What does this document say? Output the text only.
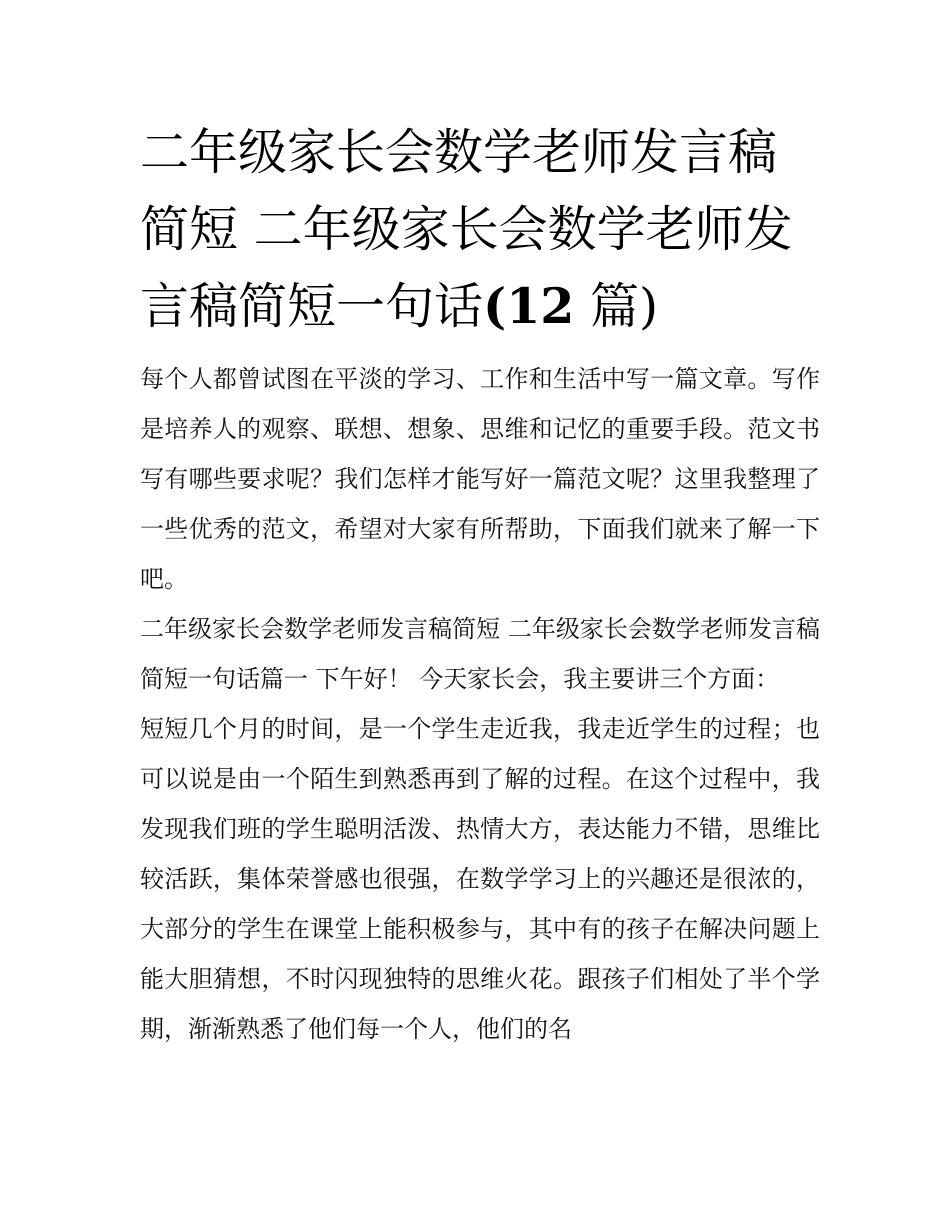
二年级家长会数学老师发言稿简短 二年级家长会数学老师发言稿简短一句话(12 篇)

每个人都曾试图在平淡的学习、工作和生活中写一篇文章。写作是培养人的观察、联想、想象、思维和记忆的重要手段。范文书写有哪些要求呢？我们怎样才能写好一篇范文呢？这里我整理了一些优秀的范文，希望对大家有所帮助，下面我们就来了解一下吧。

二年级家长会数学老师发言稿简短 二年级家长会数学老师发言稿简短一句话篇一 下午好！ 今天家长会，我主要讲三个方面：

短短几个月的时间，是一个学生走近我，我走近学生的过程；也可以说是由一个陌生到熟悉再到了解的过程。在这个过程中，我发现我们班的学生聪明活泼、热情大方，表达能力不错，思维比较活跃，集体荣誉感也很强，在数学学习上的兴趣还是很浓的，大部分的学生在课堂上能积极参与，其中有的孩子在解决问题上能大胆猜想，不时闪现独特的思维火花。跟孩子们相处了半个学期，渐渐熟悉了他们每一个人，他们的名
